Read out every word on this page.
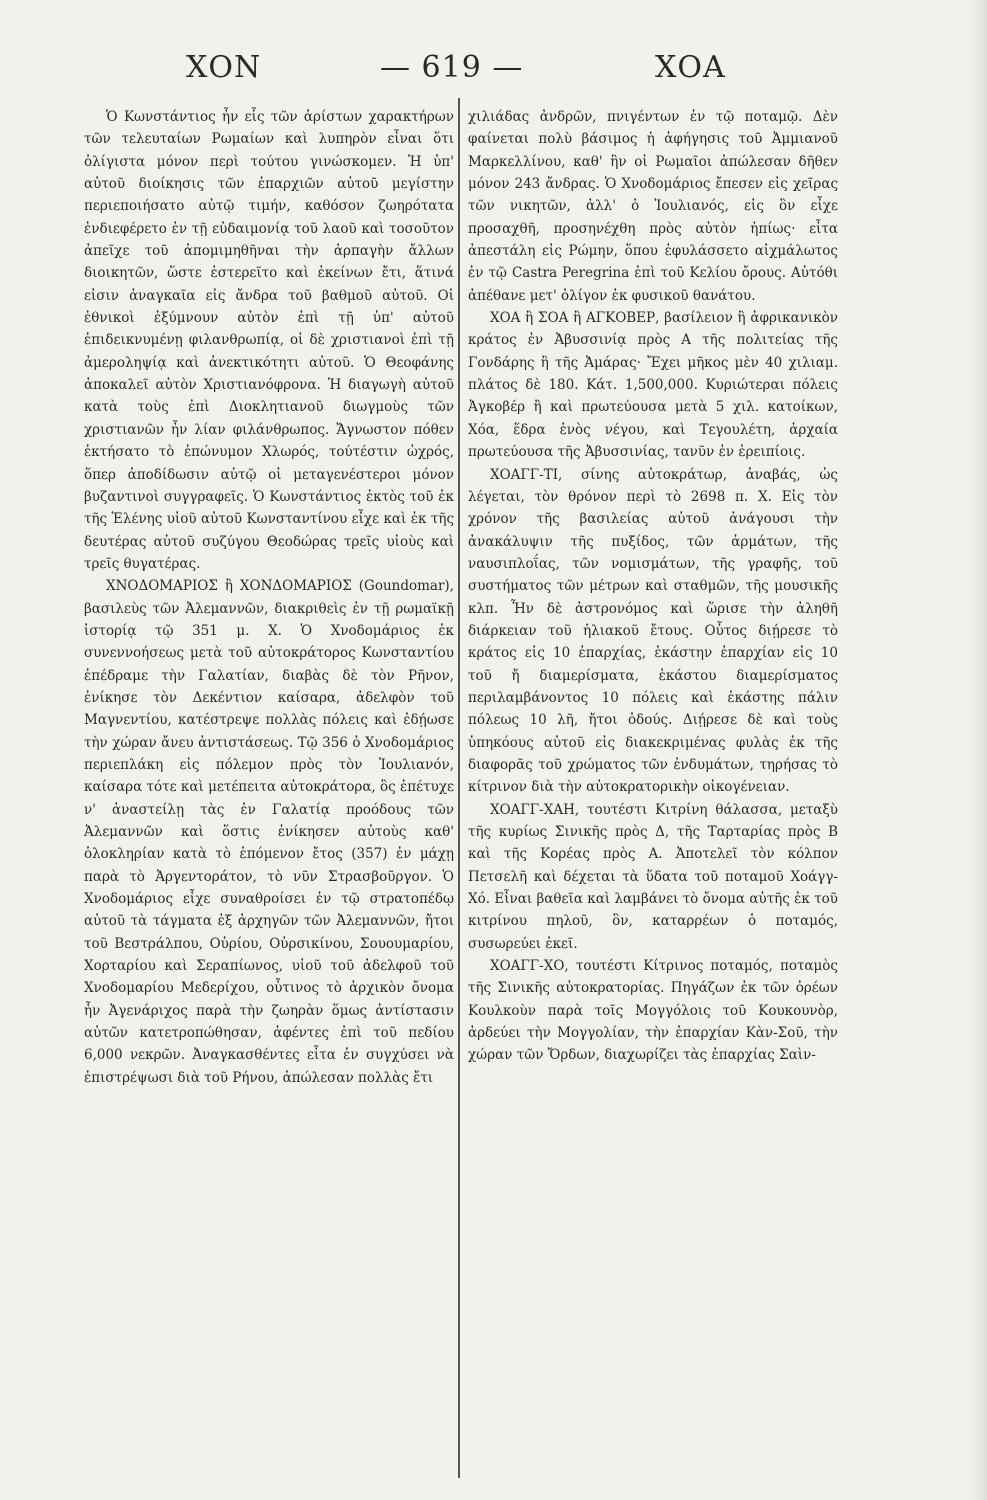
ΧΟΝ	— 619 —	ΧΟΑ

Ὁ Κωνστάντιος ἦν εἷς τῶν ἀρίστων χαρακτήρων τῶν τελευταίων Ρωμαίων καὶ λυπηρὸν εἶναι ὅτι ὀλίγιστα μόνον περὶ τούτου γινώσκομεν. Ἡ ὑπ' αὐτοῦ διοίκησις τῶν ἐπαρχιῶν αὐτοῦ μεγίστην περιεποιήσατο αὐτῷ τιμήν, καθόσον ζωηρότατα ἐνδιεφέρετο ἐν τῇ εὐδαιμονίᾳ τοῦ λαοῦ καὶ τοσοῦτον ἀπεῖχε τοῦ ἀπομιμηθῆναι τὴν ἁρπαγὴν ἄλλων διοικητῶν, ὥστε ἐστερεῖτο καὶ ἐκείνων ἔτι, ἅτινά εἰσιν ἀναγκαῖα εἰς ἄνδρα τοῦ βαθμοῦ αὐτοῦ. Οἱ ἐθνικοὶ ἐξύμνουν αὐτὸν ἐπὶ τῇ ὑπ' αὐτοῦ ἐπιδεικνυμένῃ φιλανθρωπίᾳ, οἱ δὲ χριστιανοὶ ἐπὶ τῇ ἀμεροληψίᾳ καὶ ἀνεκτικότητι αὐτοῦ. Ὁ Θεοφάνης ἀποκαλεῖ αὐτὸν Χριστιανόφρονα. Ἡ διαγωγὴ αὐτοῦ κατὰ τοὺς ἐπὶ Διοκλητιανοῦ διωγμοὺς τῶν χριστιανῶν ἦν λίαν φιλάνθρωπος. Ἄγνωστον πόθεν ἐκτήσατο τὸ ἐπώνυμον Χλωρός, τούτέστιν ὠχρός, ὅπερ ἀποδίδωσιν αὐτῷ οἱ μεταγενέστεροι μόνον βυζαντινοὶ συγγραφεῖς. Ὁ Κωνστάντιος ἐκτὸς τοῦ ἐκ τῆς Ἑλένης υἱοῦ αὐτοῦ Κωνσταντίνου εἶχε καὶ ἐκ τῆς δευτέρας αὐτοῦ συζύγου Θεοδώρας τρεῖς υἱοὺς καὶ τρεῖς θυγατέρας.

ΧΝΟΔΟΜΑΡΙΟΣ ἢ ΧΟΝΔΟΜΑΡΙΟΣ (Goundomar), βασιλεὺς τῶν Ἀλεμαννῶν, διακριθεὶς ἐν τῇ ρωμαϊκῇ ἱστορίᾳ τῷ 351 μ. Χ. Ὁ Χνοδομάριος ἐκ συνεννοήσεως μετὰ τοῦ αὐτοκράτορος Κωνσταντίου ἐπέδραμε τὴν Γαλατίαν, διαβὰς δὲ τὸν Ρῆνον, ἐνίκησε τὸν Δεκέντιον καίσαρα, ἀδελφὸν τοῦ Μαγνεντίου, κατέστρεψε πολλὰς πόλεις καὶ ἐδῄωσε τὴν χώραν ἄνευ ἀντιστάσεως. Τῷ 356 ὁ Χνοδομάριος περιεπλάκη εἰς πόλεμον πρὸς τὸν Ἰουλιανόν, καίσαρα τότε καὶ μετέπειτα αὐτοκράτορα, ὃς ἐπέτυχε ν' ἀναστείλῃ τὰς ἐν Γαλατίᾳ προόδους τῶν Ἀλεμαννῶν καὶ ὅστις ἐνίκησεν αὐτοὺς καθ' ὁλοκληρίαν κατὰ τὸ ἑπόμενον ἔτος (357) ἐν μάχῃ παρὰ τὸ Ἀργεντοράτον, τὸ νῦν Στρασβοῦργον. Ὁ Χνοδομάριος εἶχε συναθροίσει ἐν τῷ στρατοπέδῳ αὐτοῦ τὰ τάγματα ἐξ ἀρχηγῶν τῶν Ἀλεμαννῶν, ἤτοι τοῦ Βεστράλπου, Οὐρίου, Οὐρσικίνου, Σουουμαρίου, Χορταρίου καὶ Σεραπίωνος, υἱοῦ τοῦ ἀδελφοῦ τοῦ Χνοδομαρίου Μεδερίχου, οὗτινος τὸ ἀρχικὸν ὄνομα ἦν Ἀγενάριχος παρὰ τὴν ζωηρὰν ὅμως ἀντίστασιν αὐτῶν κατετροπώθησαν, ἀφέντες ἐπὶ τοῦ πεδίου 6,000 νεκρῶν. Ἀναγκασθέντες εἶτα ἐν συγχύσει νὰ ἐπιστρέψωσι διὰ τοῦ Ρήνου, ἀπώλεσαν πολλὰς ἔτι

χιλιάδας ἀνδρῶν, πνιγέντων ἐν τῷ ποταμῷ. Δὲν φαίνεται πολὺ βάσιμος ἡ ἀφήγησις τοῦ Ἀμμιανοῦ Μαρκελλίνου, καθ' ἣν οἱ Ρωμαῖοι ἀπώλεσαν δῆθεν μόνον 243 ἄνδρας. Ὁ Χνοδομάριος ἔπεσεν εἰς χεῖρας τῶν νικητῶν, ἀλλ' ὁ Ἰουλιανός, εἰς ὃν εἶχε προσαχθῆ, προσηνέχθη πρὸς αὐτὸν ἠπίως· εἶτα ἀπεστάλη εἰς Ρώμην, ὅπου ἐφυλάσσετο αἰχμάλωτος ἐν τῷ Castra Peregrina ἐπὶ τοῦ Κελίου ὄρους. Αὐτόθι ἀπέθανε μετ' ὀλίγον ἐκ φυσικοῦ θανάτου.

ΧΟΑ ἢ ΣΟΑ ἢ ΑΓΚΟΒΕΡ, βασίλειον ἢ ἀφρικανικὸν κράτος ἐν Ἀβυσσινίᾳ πρὸς Α τῆς πολιτείας τῆς Γονδάρης ἢ τῆς Ἀμάρας· Ἔχει μῆκος μὲν 40 χιλιαμ. πλάτος δὲ 180. Κάτ. 1,500,000. Κυριώτεραι πόλεις Ἀγκοβέρ ἢ καὶ πρωτεύουσα μετὰ 5 χιλ. κατοίκων, Χόα, ἕδρα ἑνὸς νέγου, καὶ Τεγουλέτη, ἀρχαία πρωτεύουσα τῆς Ἀβυσσινίας, τανῦν ἐν ἐρειπίοις.

ΧΟΑΓΓ-ΤΙ, σίνης αὐτοκράτωρ, ἀναβάς, ὡς λέγεται, τὸν θρόνον περὶ τὸ 2698 π. Χ. Εἰς τὸν χρόνον τῆς βασιλείας αὐτοῦ ἀνάγουσι τὴν ἀνακάλυψιν τῆς πυξίδος, τῶν ἁρμάτων, τῆς ναυσιπλοΐας, τῶν νομισμάτων, τῆς γραφῆς, τοῦ συστήματος τῶν μέτρων καὶ σταθμῶν, τῆς μουσικῆς κλπ. Ἦν δὲ ἀστρονόμος καὶ ὥρισε τὴν ἀληθῆ διάρκειαν τοῦ ἡλιακοῦ ἔτους. Οὗτος διῄρεσε τὸ κράτος εἰς 10 ἐπαρχίας, ἑκάστην ἐπαρχίαν εἰς 10 τοῦ ἤ διαμερίσματα, ἑκάστου διαμερίσματος περιλαμβάνοντος 10 πόλεις καὶ ἑκάστης πάλιν πόλεως 10 λῆ, ἤτοι ὁδούς. Διῄρεσε δὲ καὶ τοὺς ὑπηκόους αὐτοῦ εἰς διακεκριμένας φυλὰς ἐκ τῆς διαφορᾶς τοῦ χρώματος τῶν ἐνδυμάτων, τηρήσας τὸ κίτρινον διὰ τὴν αὐτοκρατορικὴν οἰκογένειαν.

ΧΟΑΓΓ-ΧΑΗ, τουτέστι Κιτρίνη θάλασσα, μεταξὺ τῆς κυρίως Σινικῆς πρὸς Δ, τῆς Ταρταρίας πρὸς Β καὶ τῆς Κορέας πρὸς Α. Ἀποτελεῖ τὸν κόλπον Πετσελῆ καὶ δέχεται τὰ ὕδατα τοῦ ποταμοῦ Χοάγγ-Χό. Εἶναι βαθεῖα καὶ λαμβάνει τὸ ὄνομα αὐτῆς ἐκ τοῦ κιτρίνου πηλοῦ, ὃν, καταρρέων ὁ ποταμός, συσωρεύει ἐκεῖ.

ΧΟΑΓΓ-ΧΟ, τουτέστι Κίτρινος ποταμός, ποταμὸς τῆς Σινικῆς αὐτοκρατορίας. Πηγάζων ἐκ τῶν ὀρέων Κουλκοὺν παρὰ τοῖς Μογγόλοις τοῦ Κουκουνὸρ, ἀρδεύει τὴν Μογγολίαν, τὴν ἐπαρχίαν Κὰν-Σοῦ, τὴν χώραν τῶν Ὄρδων, διαχωρίζει τὰς ἐπαρχίας Σαὶν-
